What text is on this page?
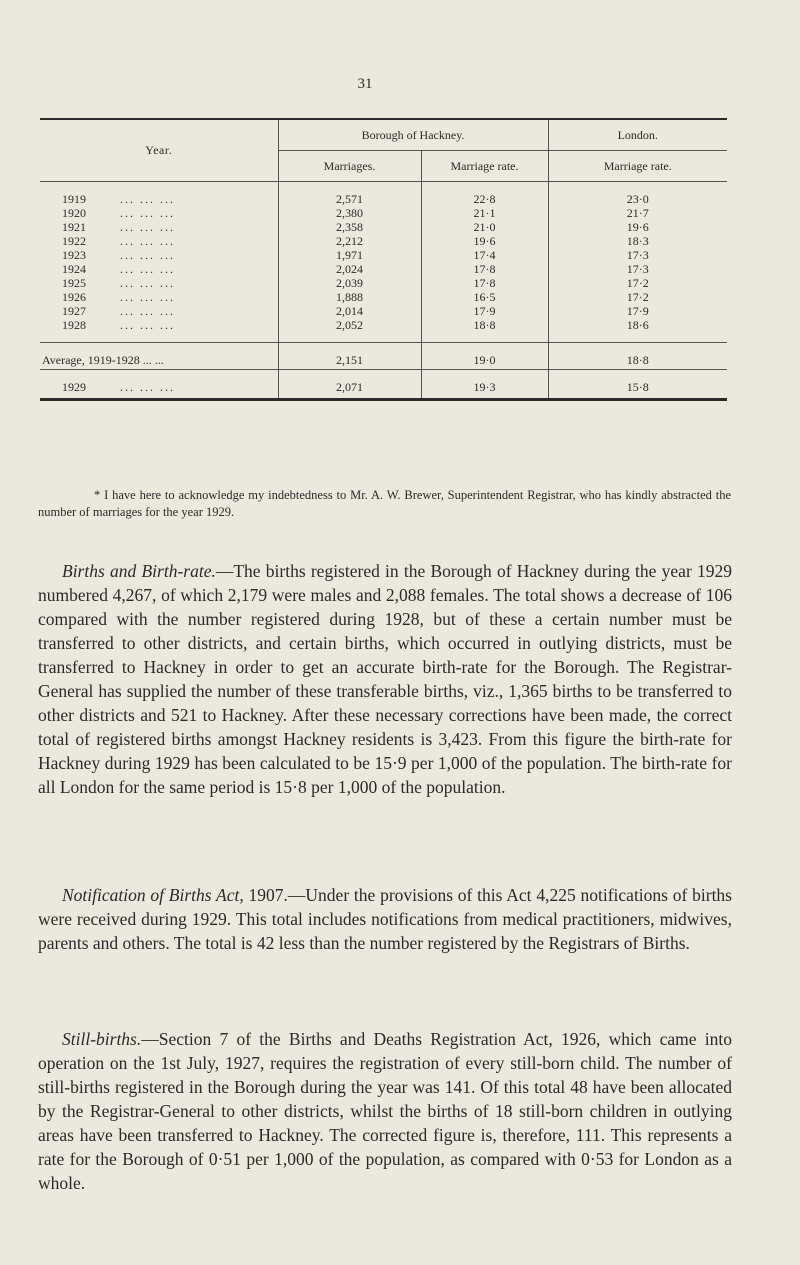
31

Year.	Borough of Hackney.		London.
	Marriages.	Marriage rate.	Marriage rate.

1919 ... ... ...	2,571	22·8	23·0
1920 ... ... ...	2,380	21·1	21·7
1921 ... ... ...	2,358	21·0	19·6
1922 ... ... ...	2,212	19·6	18·3
1923 ... ... ...	1,971	17·4	17·3
1924 ... ... ...	2,024	17·8	17·3
1925 ... ... ...	2,039	17·8	17·2
1926 ... ... ...	1,888	16·5	17·2
1927 ... ... ...	2,014	17·9	17·9
1928 ... ... ...	2,052	18·8	18·6

Average, 1919-1928 ... ...	2,151	19·0	18·8

1929 ... ... ...	2,071	19·3	15·8

* I have here to acknowledge my indebtedness to Mr. A. W. Brewer, Superintendent Registrar, who has kindly abstracted the number of marriages for the year 1929.

Births and Birth-rate.—The births registered in the Borough of Hackney during the year 1929 numbered 4,267, of which 2,179 were males and 2,088 females. The total shows a decrease of 106 compared with the number registered during 1928, but of these a certain number must be transferred to other districts, and certain births, which occurred in outlying districts, must be transferred to Hackney in order to get an accurate birth-rate for the Borough. The Registrar-General has supplied the number of these transferable births, viz., 1,365 births to be transferred to other districts and 521 to Hackney. After these necessary corrections have been made, the correct total of registered births amongst Hackney residents is 3,423. From this figure the birth-rate for Hackney during 1929 has been calculated to be 15·9 per 1,000 of the population. The birth-rate for all London for the same period is 15·8 per 1,000 of the population.

Notification of Births Act, 1907.—Under the provisions of this Act 4,225 notifications of births were received during 1929. This total includes notifications from medical practitioners, midwives, parents and others. The total is 42 less than the number registered by the Registrars of Births.

Still-births.—Section 7 of the Births and Deaths Registration Act, 1926, which came into operation on the 1st July, 1927, requires the registration of every still-born child. The number of still-births registered in the Borough during the year was 141. Of this total 48 have been allocated by the Registrar-General to other districts, whilst the births of 18 still-born children in outlying areas have been transferred to Hackney. The corrected figure is, therefore, 111. This represents a rate for the Borough of 0·51 per 1,000 of the population, as compared with 0·53 for London as a whole.
